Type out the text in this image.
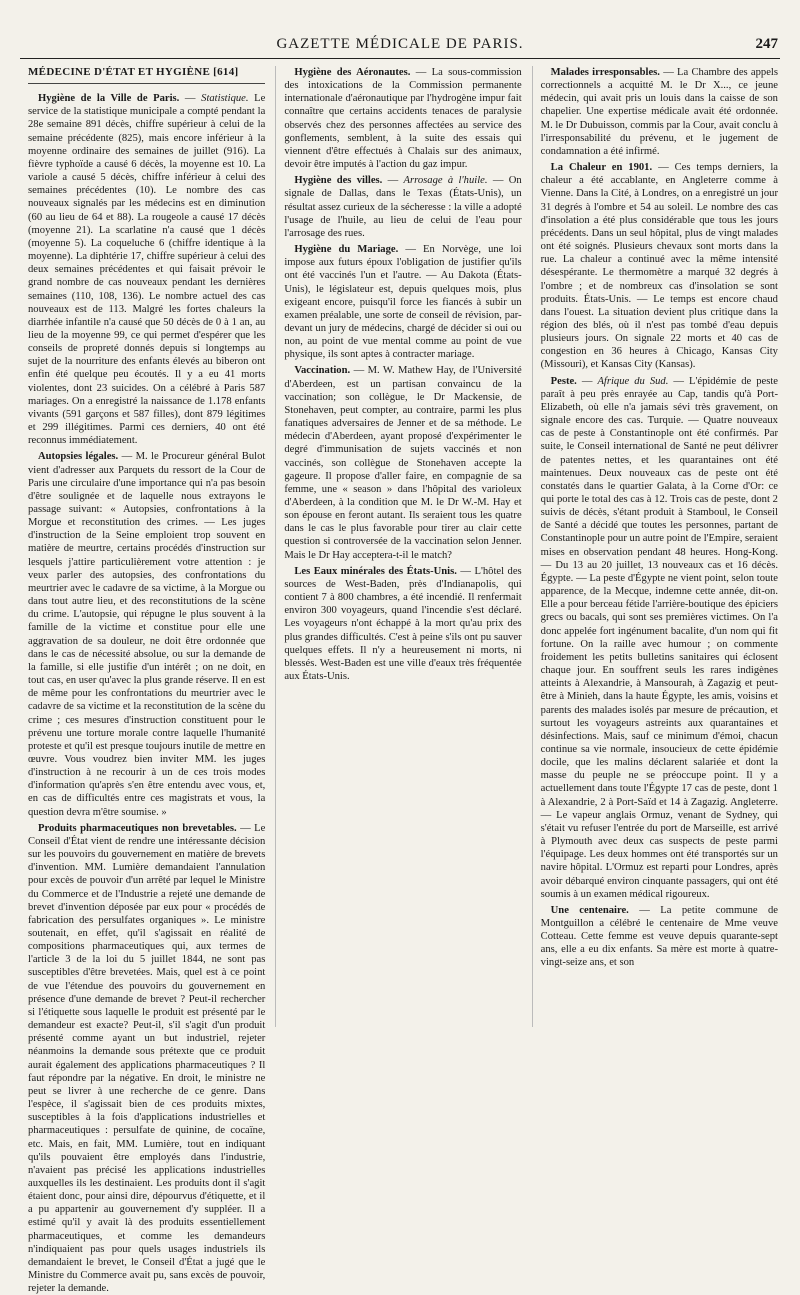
GAZETTE MÉDICALE DE PARIS.	247
MÉDECINE D'ÉTAT ET HYGIÈNE [614]

Hygiène de la Ville de Paris. — Statistique. Le service de la statistique municipale a compté pendant la 28e semaine 891 décès, chiffre supérieur à celui de la semaine précédente (825), mais encore inférieur à la moyenne ordinaire des semaines de juillet (916). La fièvre typhoïde a causé 6 décès, la moyenne est 10. La variole a causé 5 décès, chiffre inférieur à celui des semaines précédentes (10). Le nombre des cas nouveaux signalés par les médecins est en diminution (60 au lieu de 64 et 88). La rougeole a causé 17 décès (moyenne 21). La scarlatine n'a causé que 1 décès (moyenne 5). La coqueluche 6 (chiffre identique à la moyenne). La diphtérie 17, chiffre supérieur à celui des deux semaines précédentes et qui faisait prévoir le grand nombre de cas nouveaux pendant les dernières semaines (110, 108, 136). Le nombre actuel des cas nouveaux est de 113. Malgré les fortes chaleurs la diarrhée infantile n'a causé que 50 décès de 0 à 1 an, au lieu de la moyenne 99, ce qui permet d'espérer que les conseils de propreté donnés depuis si longtemps au sujet de la nourriture des enfants élevés au biberon ont enfin été quelque peu écoutés. Il y a eu 41 morts violentes, dont 23 suicides. On a célébré à Paris 587 mariages. On a enregistré la naissance de 1.178 enfants vivants (591 garçons et 587 filles), dont 879 légitimes et 299 illégitimes. Parmi ces derniers, 40 ont été reconnus immédiatement.

Autopsies légales. — M. le Procureur général Bulot vient d'adresser aux Parquets du ressort de la Cour de Paris une circulaire d'une importance qui n'a pas besoin d'être soulignée et de laquelle nous extrayons le passage suivant: « Autopsies, confrontations à la Morgue et reconstitution des crimes. — Les juges d'instruction de la Seine emploient trop souvent en matière de meurtre, certains procédés d'instruction sur lesquels j'attire particulièrement votre attention : je veux parler des autopsies, des confrontations du meurtrier avec le cadavre de sa victime, à la Morgue ou dans tout autre lieu, et des reconstitutions de la scène du crime. L'autopsie, qui répugne le plus souvent à la famille de la victime et constitue pour elle une aggravation de sa douleur, ne doit être ordonnée que dans le cas de nécessité absolue, ou sur la demande de la famille, si elle justifie d'un intérêt ; on ne doit, en tout cas, en user qu'avec la plus grande réserve. Il en est de même pour les confrontations du meurtrier avec le cadavre de sa victime et la reconstitution de la scène du crime ; ces mesures d'instruction constituent pour le prévenu une torture morale contre laquelle l'humanité proteste et qu'il est presque toujours inutile de mettre en œuvre. Vous voudrez bien inviter MM. les juges d'instruction à ne recourir à un de ces trois modes d'information qu'après s'en être entendu avec vous, et, en cas de difficultés entre ces magistrats et vous, la question devra m'être soumise. »

Produits pharmaceutiques non brevetables. — Le Conseil d'État vient de rendre une intéressante décision sur les pouvoirs du gouvernement en matière de brevets d'invention. MM. Lumière demandaient l'annulation pour excès de pouvoir d'un arrêté par lequel le Ministre du Commerce et de l'Industrie a rejeté une demande de brevet d'invention déposée par eux pour « procédés de fabrication des persulfates organiques ». Le ministre soutenait, en effet, qu'il s'agissait en réalité de compositions pharmaceutiques qui, aux termes de l'article 3 de la loi du 5 juillet 1844, ne sont pas susceptibles d'être brevetées. Mais, quel est à ce point de vue l'étendue des pouvoirs du gouvernement en présence d'une demande de brevet ? Peut-il rechercher si l'étiquette sous laquelle le produit est présenté par le demandeur est exacte? Peut-il, s'il s'agit d'un produit présenté comme ayant un but industriel, rejeter néanmoins la demande sous prétexte que ce produit aurait également des applications pharmaceutiques ? Il faut répondre par la négative. En droit, le ministre ne peut se livrer à une recherche de ce genre. Dans l'espèce, il s'agissait bien de ces produits mixtes, susceptibles à la fois d'applications industrielles et pharmaceutiques : persulfate de quinine, de cocaïne, etc. Mais, en fait, MM. Lumière, tout en indiquant qu'ils pouvaient être employés dans l'industrie, n'avaient pas précisé les applications industrielles auxquelles ils les destinaient. Les produits dont il s'agit étaient donc, pour ainsi dire, dépourvus d'étiquette, et il a pu appartenir au gouvernement d'y suppléer. Il a estimé qu'il y avait là des produits essentiellement pharmaceutiques, et comme les demandeurs n'indiquaient pas pour quels usages industriels ils demandaient le brevet, le Conseil d'État a jugé que le Ministre du Commerce avait pu, sans excès de pouvoir, rejeter la demande.

Hygiène des Aéronautes. — La sous-commission des intoxications de la Commission permanente internationale d'aéronautique par l'hydrogène impur fait connaître que certains accidents tenaces de paralysie observés chez des personnes affectées au service des gonflements, semblent, à la suite des essais qui viennent d'être effectués à Chalais sur des animaux, devoir être imputés à l'action du gaz impur.

Hygiène des villes. — Arrosage à l'huile. — On signale de Dallas, dans le Texas (États-Unis), un résultat assez curieux de la sécheresse : la ville a adopté l'usage de l'huile, au lieu de celui de l'eau pour l'arrosage des rues.

Hygiène du Mariage. — En Norvège, une loi impose aux futurs époux l'obligation de justifier qu'ils ont été vaccinés l'un et l'autre. — Au Dakota (États-Unis), le législateur est, depuis quelques mois, plus exigeant encore, puisqu'il force les fiancés à subir un examen préalable, une sorte de conseil de révision, par-devant un jury de médecins, chargé de décider si oui ou non, au point de vue mental comme au point de vue physique, ils sont aptes à contracter mariage.

Vaccination. — M. W. Mathew Hay, de l'Université d'Aberdeen, est un partisan convaincu de la vaccination; son collègue, le Dr Mackensie, de Stonehaven, peut compter, au contraire, parmi les plus fanatiques adversaires de Jenner et de sa méthode. Le médecin d'Aberdeen, ayant proposé d'expérimenter le degré d'immunisation de sujets vaccinés et non vaccinés, son collègue de Stonehaven accepte la gageure. Il propose d'aller faire, en compagnie de sa femme, une « season » dans l'hôpital des varioleux d'Aberdeen, à la condition que M. le Dr W.-M. Hay et son épouse en feront autant. Ils seraient tous les quatre dans le cas le plus favorable pour tirer au clair cette question si controversée de la vaccination selon Jenner. Mais le Dr Hay acceptera-t-il le match?

Les Eaux minérales des États-Unis. — L'hôtel des sources de West-Baden, près d'Indianapolis, qui contient 7 à 800 chambres, a été incendié. Il renfermait environ 300 voyageurs, quand l'incendie s'est déclaré. Les voyageurs n'ont échappé à la mort qu'au prix des plus grandes difficultés. C'est à peine s'ils ont pu sauver quelques effets. Il n'y a heureusement ni morts, ni blessés. West-Baden est une ville d'eaux très fréquentée aux États-Unis.

Malades irresponsables. — La Chambre des appels correctionnels a acquitté M. le Dr X..., ce jeune médecin, qui avait pris un louis dans la caisse de son chapelier. Une expertise médicale avait été ordonnée. M. le Dr Dubuisson, commis par la Cour, avait conclu à l'irresponsabilité du prévenu, et le jugement de condamnation a été infirmé.

La Chaleur en 1901. — Ces temps derniers, la chaleur a été accablante, en Angleterre comme à Vienne. Dans la Cité, à Londres, on a enregistré un jour 31 degrés à l'ombre et 54 au soleil. Le nombre des cas d'insolation a été plus considérable que tous les jours précédents. Dans un seul hôpital, plus de vingt malades ont été soignés. Plusieurs chevaux sont morts dans la rue. La chaleur a continué avec la même intensité désespérante. Le thermomètre a marqué 32 degrés à l'ombre ; et de nombreux cas d'insolation se sont produits. États-Unis. — Le temps est encore chaud dans l'ouest. La situation devient plus critique dans la région des blés, où il n'est pas tombé d'eau depuis plusieurs jours. On signale 22 morts et 40 cas de congestion en 36 heures à Chicago, Kansas City (Missouri), et Kansas City (Kansas).

Peste. — Afrique du Sud. — L'épidémie de peste paraît à peu près enrayée au Cap, tandis qu'à Port-Elizabeth, où elle n'a jamais sévi très gravement, on signale encore des cas. Turquie. — Quatre nouveaux cas de peste à Constantinople ont été confirmés. Par suite, le Conseil international de Santé ne peut délivrer de patentes nettes, et les quarantaines ont été maintenues. Deux nouveaux cas de peste ont été constatés dans le quartier Galata, à la Corne d'Or: ce qui porte le total des cas à 12. Trois cas de peste, dont 2 suivis de décès, s'étant produit à Stamboul, le Conseil de Santé a décidé que toutes les personnes, partant de Constantinople pour un autre point de l'Empire, seraient mises en observation pendant 48 heures. Hong-Kong. — Du 13 au 20 juillet, 13 nouveaux cas et 16 décès. Égypte. — La peste d'Égypte ne vient point, selon toute apparence, de la Mecque, indemne cette année, dit-on. Elle a pour berceau fétide l'arrière-boutique des épiciers grecs ou bacals, qui sont ses premières victimes. On l'a donc appelée fort ingénument bacalite, d'un nom qui fit fortune. On la raille avec humour ; on commente froidement les petits bulletins sanitaires qui éclosent chaque jour. En souffrent seuls les rares indigènes atteints à Alexandrie, à Mansourah, à Zagazig et peut-être à Minieh, dans la haute Égypte, les amis, voisins et parents des malades isolés par mesure de précaution, et surtout les voyageurs astreints aux quarantaines et désinfections. Mais, sauf ce minimum d'émoi, chacun continue sa vie normale, insoucieux de cette épidémie docile, que les malins déclarent salariée et dont la masse du peuple ne se préoccupe point. Il y a actuellement dans toute l'Égypte 17 cas de peste, dont 1 à Alexandrie, 2 à Port-Saïd et 14 à Zagazig. Angleterre. — Le vapeur anglais Ormuz, venant de Sydney, qui s'était vu refuser l'entrée du port de Marseille, est arrivé à Plymouth avec deux cas suspects de peste parmi l'équipage. Les deux hommes ont été transportés sur un navire hôpital. L'Ormuz est reparti pour Londres, après avoir débarqué environ cinquante passagers, qui ont été soumis à un examen médical rigoureux.

Une centenaire. — La petite commune de Montguillon a célébré le centenaire de Mme veuve Cotteau. Cette femme est veuve depuis quarante-sept ans, elle a eu dix enfants. Sa mère est morte à quatre-vingt-seize ans, et son
